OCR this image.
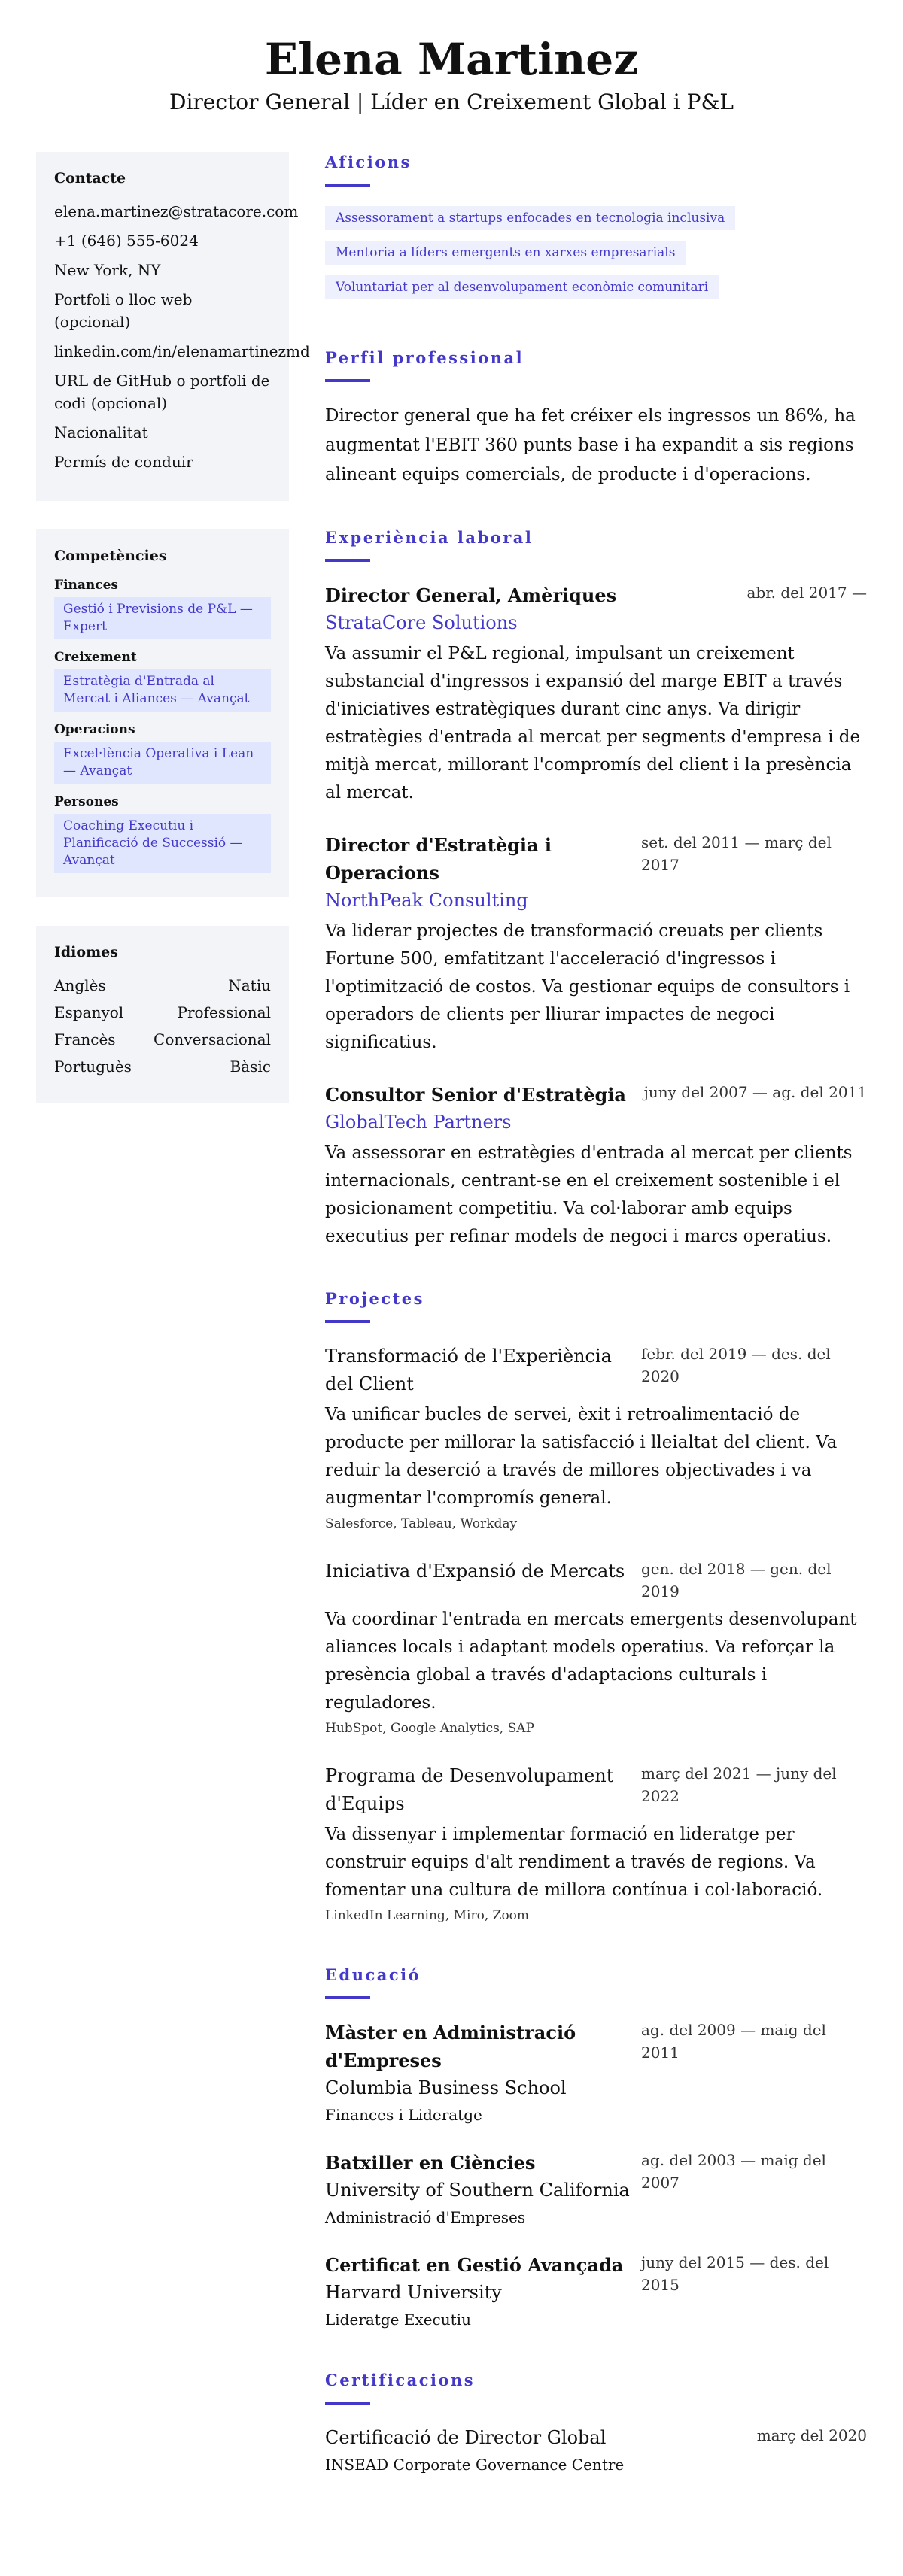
Elena Martinez
Director General | Líder en Creixement Global i P&L
Contacte
elena.martinez@stratacore.com
+1 (646) 555-6024
New York, NY
Portfoli o lloc web (opcional)
linkedin.com/in/elenamartinezmd
URL de GitHub o portfoli de codi (opcional)
Nacionalitat
Permís de conduir
Competències
Finances
Gestió i Previsions de P&L — Expert
Creixement
Estratègia d'Entrada al Mercat i Aliances — Avançat
Operacions
Excel·lència Operativa i Lean — Avançat
Persones
Coaching Executiu i Planificació de Successió — Avançat
Idiomes
Anglès	Natiu
Espanyol	Professional
Francès	Conversacional
Portuguès	Bàsic
Aficions
Assessorament a startups enfocades en tecnologia inclusiva
Mentoria a líders emergents en xarxes empresarials
Voluntariat per al desenvolupament econòmic comunitari
Perfil professional

Director general que ha fet créixer els ingressos un 86%, ha augmentat l'EBIT 360 punts base i ha expandit a sis regions alineant equips comercials, de producte i d'operacions.

Experiència laboral
Director General, Amèriques	abr. del 2017 —
StrataCore Solutions

Va assumir el P&L regional, impulsant un creixement substancial d'ingressos i expansió del marge EBIT a través d'iniciatives estratègiques durant cinc anys. Va dirigir estratègies d'entrada al mercat per segments d'empresa i de mitjà mercat, millorant l'compromís del client i la presència al mercat.

Director d'Estratègia i Operacions
set. del 2011 — març del 2017
NorthPeak Consulting

Va liderar projectes de transformació creuats per clients Fortune 500, emfatitzant l'acceleració d'ingressos i l'optimització de costos. Va gestionar equips de consultors i operadors de clients per lliurar impactes de negoci significatius.

Consultor Senior d'Estratègia juny del 2007 — ag. del 2011
GlobalTech Partners

Va assessorar en estratègies d'entrada al mercat per clients internacionals, centrant-se en el creixement sostenible i el posicionament competitiu. Va col·laborar amb equips executius per refinar models de negoci i marcs operatius.

Projectes
Transformació de l'Experiència del Client
febr. del 2019 — des. del 2020

Va unificar bucles de servei, èxit i retroalimentació de producte per millorar la satisfacció i lleialtat del client. Va reduir la deserció a través de millores objectivades i va augmentar l'compromís general.

Salesforce, Tableau, Workday
Iniciativa d'Expansió de Mercats gen. del 2018 — gen. del 2019

Va coordinar l'entrada en mercats emergents desenvolupant aliances locals i adaptant models operatius. Va reforçar la presència global a través d'adaptacions culturals i reguladores.

HubSpot, Google Analytics, SAP
Programa de Desenvolupament d'Equips
març del 2021 — juny del 2022

Va dissenyar i implementar formació en lideratge per construir equips d'alt rendiment a través de regions. Va fomentar una cultura de millora contínua i col·laboració.

LinkedIn Learning, Miro, Zoom
Educació
Màster en Administració d'Empreses
Columbia Business School
Finances i Lideratge
ag. del 2009 — maig del 2011
Batxiller en Ciències
University of Southern California
Administració d'Empreses
ag. del 2003 — maig del 2007
Certificat en Gestió Avançada
Harvard University
Lideratge Executiu
juny del 2015 — des. del 2015
Certificacions
Certificació de Director Global
INSEAD Corporate Governance Centre
març del 2020
